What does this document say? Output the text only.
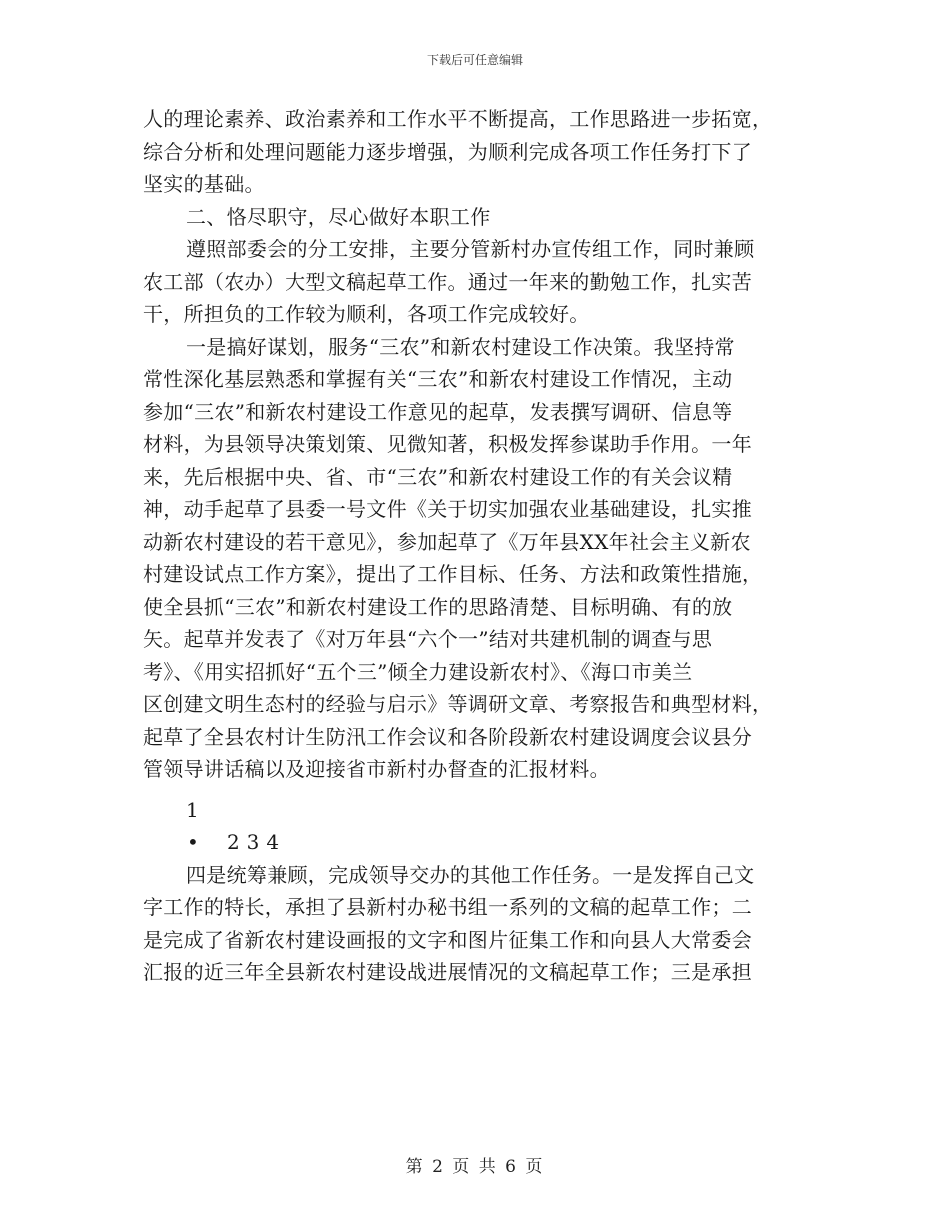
下载后可任意编辑
人的理论素养、政治素养和工作水平不断提高，工作思路进一步拓宽，
综合分析和处理问题能力逐步增强，为顺利完成各项工作任务打下了
坚实的基础。
二、恪尽职守，尽心做好本职工作
遵照部委会的分工安排，主要分管新村办宣传组工作，同时兼顾
农工部（农办）大型文稿起草工作。通过一年来的勤勉工作，扎实苦
干，所担负的工作较为顺利，各项工作完成较好。
一是搞好谋划，服务“三农”和新农村建设工作决策。我坚持常
常性深化基层熟悉和掌握有关“三农”和新农村建设工作情况，主动
参加“三农”和新农村建设工作意见的起草，发表撰写调研、信息等
材料，为县领导决策划策、见微知著，积极发挥参谋助手作用。一年
来，先后根据中央、省、市“三农”和新农村建设工作的有关会议精
神，动手起草了县委一号文件《关于切实加强农业基础建设，扎实推
动新农村建设的若干意见》，参加起草了《万年县XX年社会主义新农
村建设试点工作方案》，提出了工作目标、任务、方法和政策性措施，
使全县抓“三农”和新农村建设工作的思路清楚、目标明确、有的放
矢。起草并发表了《对万年县“六个一”结对共建机制的调查与思
考》、《用实招抓好“五个三”倾全力建设新农村》、《海口市美兰
区创建文明生态村的经验与启示》等调研文章、考察报告和典型材料，
起草了全县农村计生防汛工作会议和各阶段新农村建设调度会议县分
管领导讲话稿以及迎接省市新村办督查的汇报材料。
1
• 2 3 4
四是统筹兼顾，完成领导交办的其他工作任务。一是发挥自己文
字工作的特长，承担了县新村办秘书组一系列的文稿的起草工作；二
是完成了省新农村建设画报的文字和图片征集工作和向县人大常委会
汇报的近三年全县新农村建设战进展情况的文稿起草工作；三是承担
第 2 页 共 6 页
